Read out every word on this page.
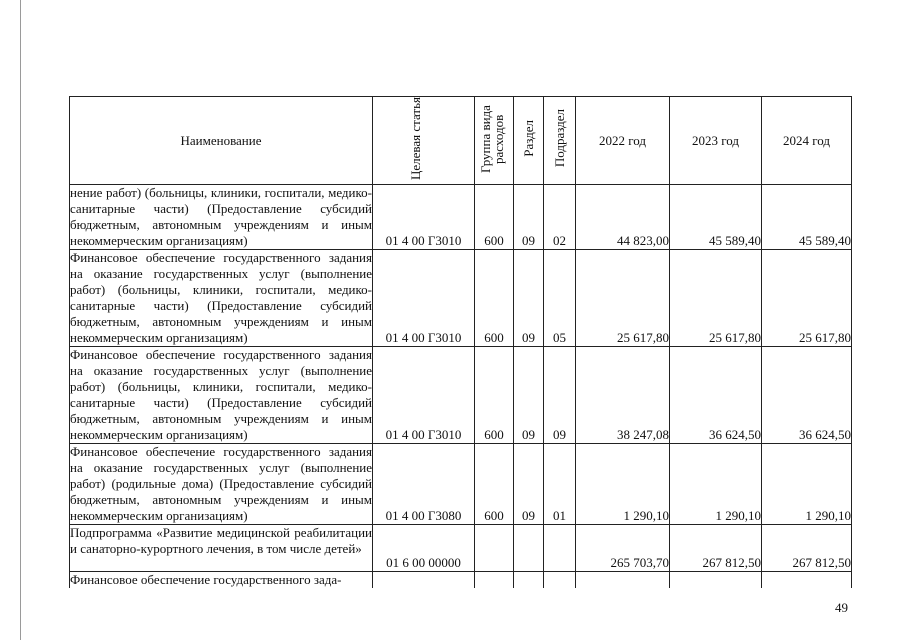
Наименование	Целевая статья	Группа вида расходов	Раздел	Подраздел	2022 год	2023 год	2024 год
нение работ) (больницы, клиники, госпитали, медико-санитарные части) (Предоставление субсидий бюджетным, автономным учреждениям и иным некоммерческим организациям)	01 4 00 Г3010	600	09	02	44 823,00	45 589,40	45 589,40
Финансовое обеспечение государственного задания на оказание государственных услуг (выполнение работ) (больницы, клиники, госпитали, медико-санитарные части) (Предоставление субсидий бюджетным, автономным учреждениям и иным некоммерческим организациям)	01 4 00 Г3010	600	09	05	25 617,80	25 617,80	25 617,80
Финансовое обеспечение государственного задания на оказание государственных услуг (выполнение работ) (больницы, клиники, госпитали, медико-санитарные части) (Предоставление субсидий бюджетным, автономным учреждениям и иным некоммерческим организациям)	01 4 00 Г3010	600	09	09	38 247,08	36 624,50	36 624,50
Финансовое обеспечение государственного задания на оказание государственных услуг (выполнение работ) (родильные дома) (Предоставление субсидий бюджетным, автономным учреждениям и иным некоммерческим организациям)	01 4 00 Г3080	600	09	01	1 290,10	1 290,10	1 290,10
Подпрограмма «Развитие медицинской реабилитации и санаторно-курортного лечения, в том числе детей»	01 6 00 00000				265 703,70	267 812,50	267 812,50
Финансовое обеспечение государственного зада-							
49
